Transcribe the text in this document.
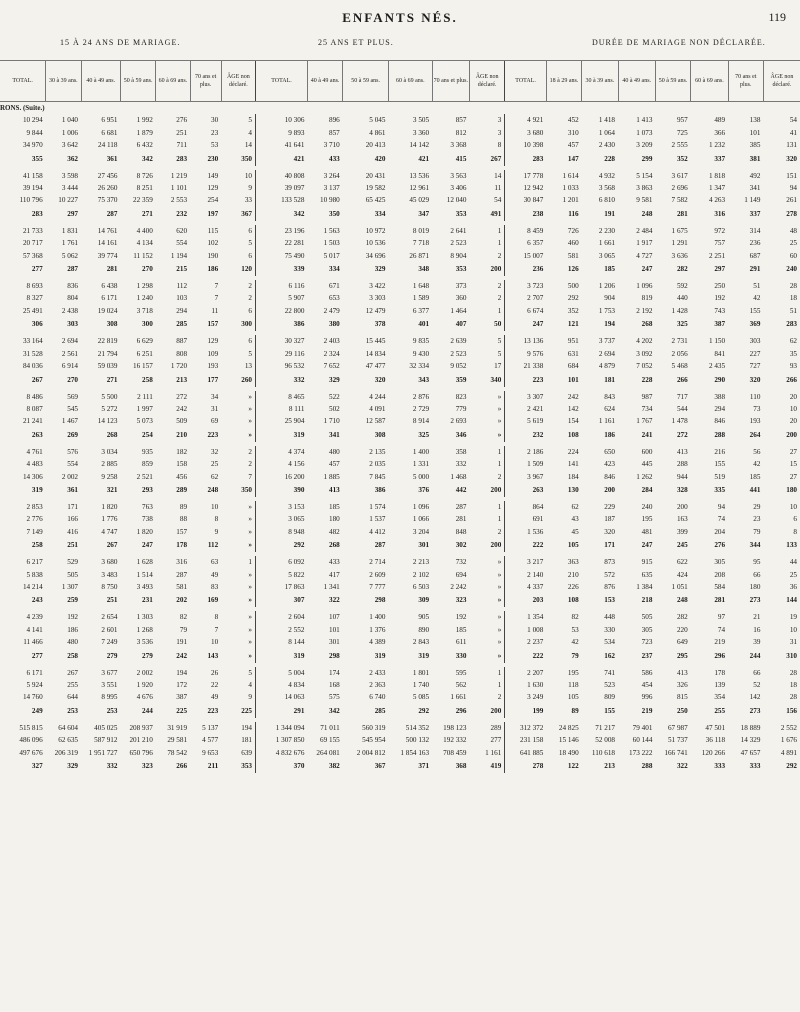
ENFANTS NÉS.	119
15 À 24 ANS DE MARIAGE.	25 ANS ET PLUS.	DURÉE DE MARIAGE NON DÉCLARÉE.
TOTAL.	30 à 39 ans.	40 à 49 ans.	50 à 59 ans.	60 à 69 ans.	70 ans et plus.	ÂGE non déclaré.	TOTAL.	40 à 49 ans.	50 à 59 ans.	60 à 69 ans.	70 ans et plus.	ÂGE non déclaré.	TOTAL.	18 à 29 ans.	30 à 39 ans.	40 à 49 ans.	50 à 59 ans.	60 à 69 ans.	70 ans et plus.	ÂGE non déclaré.
RONS. (Suite.)																				
10 294	1 040	6 951	1 992	276	30	5	10 306	896	5 045	3 505	857	3	4 921	452	1 418	1 413	957	489	138	54
9 844	1 006	6 681	1 879	251	23	4	9 893	857	4 861	3 360	812	3	3 680	310	1 064	1 073	725	366	101	41
34 970	3 642	24 118	6 432	711	53	14	41 641	3 710	20 413	14 142	3 368	8	10 398	457	2 430	3 209	2 555	1 232	385	131
355	362	361	342	283	230	350	421	433	420	421	415	267	283	147	228	299	352	337	381	320

41 158	3 598	27 456	8 726	1 219	149	10	40 808	3 264	20 431	13 536	3 563	14	17 778	1 614	4 932	5 154	3 617	1 818	492	151
39 194	3 444	26 260	8 251	1 101	129	9	39 097	3 137	19 582	12 961	3 406	11	12 942	1 033	3 568	3 863	2 696	1 347	341	94
110 796	10 227	75 370	22 359	2 553	254	33	133 528	10 980	65 425	45 029	12 040	54	30 847	1 201	6 810	9 581	7 582	4 263	1 149	261
283	297	287	271	232	197	367	342	350	334	347	353	491	238	116	191	248	281	316	337	278

21 733	1 831	14 761	4 400	620	115	6	23 196	1 563	10 972	8 019	2 641	1	8 459	726	2 230	2 484	1 675	972	314	48
20 717	1 761	14 161	4 134	554	102	5	22 281	1 503	10 536	7 718	2 523	1	6 357	460	1 661	1 917	1 291	757	236	25
57 368	5 062	39 774	11 152	1 194	190	6	75 490	5 017	34 696	26 871	8 904	2	15 007	581	3 065	4 727	3 636	2 251	687	60
277	287	281	270	215	186	120	339	334	329	348	353	200	236	126	185	247	282	297	291	240

8 693	836	6 438	1 298	112	7	2	6 116	671	3 422	1 648	373	2	3 723	500	1 206	1 096	592	250	51	28
8 327	804	6 171	1 240	103	7	2	5 907	653	3 303	1 589	360	2	2 707	292	904	819	440	192	42	18
25 491	2 438	19 024	3 718	294	11	6	22 800	2 479	12 479	6 377	1 464	1	6 674	352	1 753	2 192	1 428	743	155	51
306	303	308	300	285	157	300	386	380	378	401	407	50	247	121	194	268	325	387	369	283

33 164	2 694	22 819	6 629	887	129	6	30 327	2 403	15 445	9 835	2 639	5	13 136	951	3 737	4 202	2 731	1 150	303	62
31 528	2 561	21 794	6 251	808	109	5	29 116	2 324	14 834	9 430	2 523	5	9 576	631	2 694	3 092	2 056	841	227	35
84 036	6 914	59 039	16 157	1 720	193	13	96 532	7 652	47 477	32 334	9 052	17	21 338	684	4 879	7 052	5 468	2 435	727	93
267	270	271	258	213	177	260	332	329	320	343	359	340	223	101	181	228	266	290	320	266

8 486	569	5 500	2 111	272	34	»	8 465	522	4 244	2 876	823	»	3 307	242	843	987	717	388	110	20
8 087	545	5 272	1 997	242	31	»	8 111	502	4 091	2 729	779	»	2 421	142	624	734	544	294	73	10
21 241	1 467	14 123	5 073	509	69	»	25 904	1 710	12 587	8 914	2 693	»	5 619	154	1 161	1 767	1 478	846	193	20
263	269	268	254	210	223	»	319	341	308	325	346	»	232	108	186	241	272	288	264	200

4 761	576	3 034	935	182	32	2	4 374	480	2 135	1 400	358	1	2 186	224	650	600	413	216	56	27
4 483	554	2 885	859	158	25	2	4 156	457	2 035	1 331	332	1	1 509	141	423	445	288	155	42	15
14 306	2 002	9 258	2 521	456	62	7	16 200	1 885	7 845	5 000	1 468	2	3 967	184	846	1 262	944	519	185	27
319	361	321	293	289	248	350	390	413	386	376	442	200	263	130	200	284	328	335	441	180

2 853	171	1 820	763	89	10	»	3 153	185	1 574	1 096	287	1	864	62	229	240	200	94	29	10
2 776	166	1 776	738	88	8	»	3 065	180	1 537	1 066	281	1	691	43	187	195	163	74	23	6
7 149	416	4 747	1 820	157	9	»	8 948	482	4 412	3 204	848	2	1 536	45	320	481	399	204	79	8
258	251	267	247	178	112	»	292	268	287	301	302	200	222	105	171	247	245	276	344	133

6 217	529	3 680	1 628	316	63	1	6 092	433	2 714	2 213	732	»	3 217	363	873	915	622	305	95	44
5 838	505	3 483	1 514	287	49	»	5 822	417	2 609	2 102	694	»	2 140	210	572	635	424	208	66	25
14 214	1 307	8 750	3 493	581	83	»	17 863	1 341	7 777	6 503	2 242	»	4 337	226	876	1 384	1 051	584	180	36
243	259	251	231	202	169	»	307	322	298	309	323	»	203	108	153	218	248	281	273	144

4 239	192	2 654	1 303	82	8	»	2 604	107	1 400	905	192	»	1 354	82	448	505	282	97	21	19
4 141	186	2 601	1 268	79	7	»	2 552	101	1 376	890	185	»	1 008	53	330	305	220	74	16	10
11 466	480	7 249	3 536	191	10	»	8 144	301	4 389	2 843	611	»	2 237	42	534	723	649	219	39	31
277	258	279	279	242	143	»	319	298	319	319	330	»	222	79	162	237	295	296	244	310

6 171	267	3 677	2 002	194	26	5	5 004	174	2 433	1 801	595	1	2 207	195	741	586	413	178	66	28
5 924	255	3 551	1 920	172	22	4	4 834	168	2 363	1 740	562	1	1 630	118	523	454	326	139	52	18
14 760	644	8 995	4 676	387	49	9	14 063	575	6 740	5 085	1 661	2	3 249	105	809	996	815	354	142	28
249	253	253	244	225	223	225	291	342	285	292	296	200	199	89	155	219	250	255	273	156

515 815	64 604	405 025	208 937	31 919	5 137	194	1 344 094	71 011	560 319	514 352	198 123	289	312 372	24 825	71 217	79 401	67 987	47 501	18 889	2 552
486 096	62 635	587 912	201 210	29 581	4 577	181	1 307 850	69 155	545 954	500 132	192 332	277	231 158	15 146	52 008	60 144	51 737	36 118	14 329	1 676
497 676	206 319	1 951 727	650 796	78 542	9 653	639	4 832 676	264 081	2 004 812	1 854 163	708 459	1 161	641 885	18 490	110 618	173 222	166 741	120 266	47 657	4 891
327	329	332	323	266	211	353	370	382	367	371	368	419	278	122	213	288	322	333	333	292
